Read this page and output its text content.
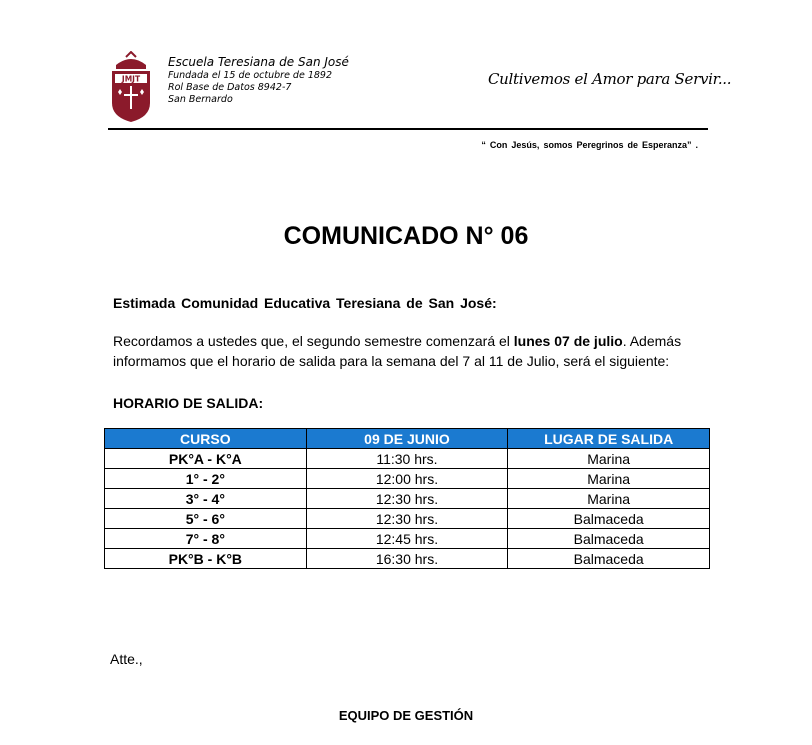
JMJT
Escuela Teresiana de San José
Fundada el 15 de octubre de 1892
Rol Base de Datos 8942-7
San Bernardo
Cultivemos el Amor para Servir...
“ Con Jesús, somos Peregrinos de Esperanza” .
COMUNICADO N° 06
Estimada Comunidad Educativa Teresiana de San José:
Recordamos a ustedes que, el segundo semestre comenzará el lunes 07 de julio. Además
informamos que el horario de salida para la semana del 7 al 11 de Julio, será el siguiente:
HORARIO DE SALIDA:
CURSO	09 DE JUNIO	LUGAR DE SALIDA
PK°A - K°A	11:30 hrs.	Marina
1° - 2°	12:00 hrs.	Marina
3° - 4°	12:30 hrs.	Marina
5° - 6°	12:30 hrs.	Balmaceda
7° - 8°	12:45 hrs.	Balmaceda
PK°B - K°B	16:30 hrs.	Balmaceda
Atte.,
EQUIPO DE GESTIÓN
